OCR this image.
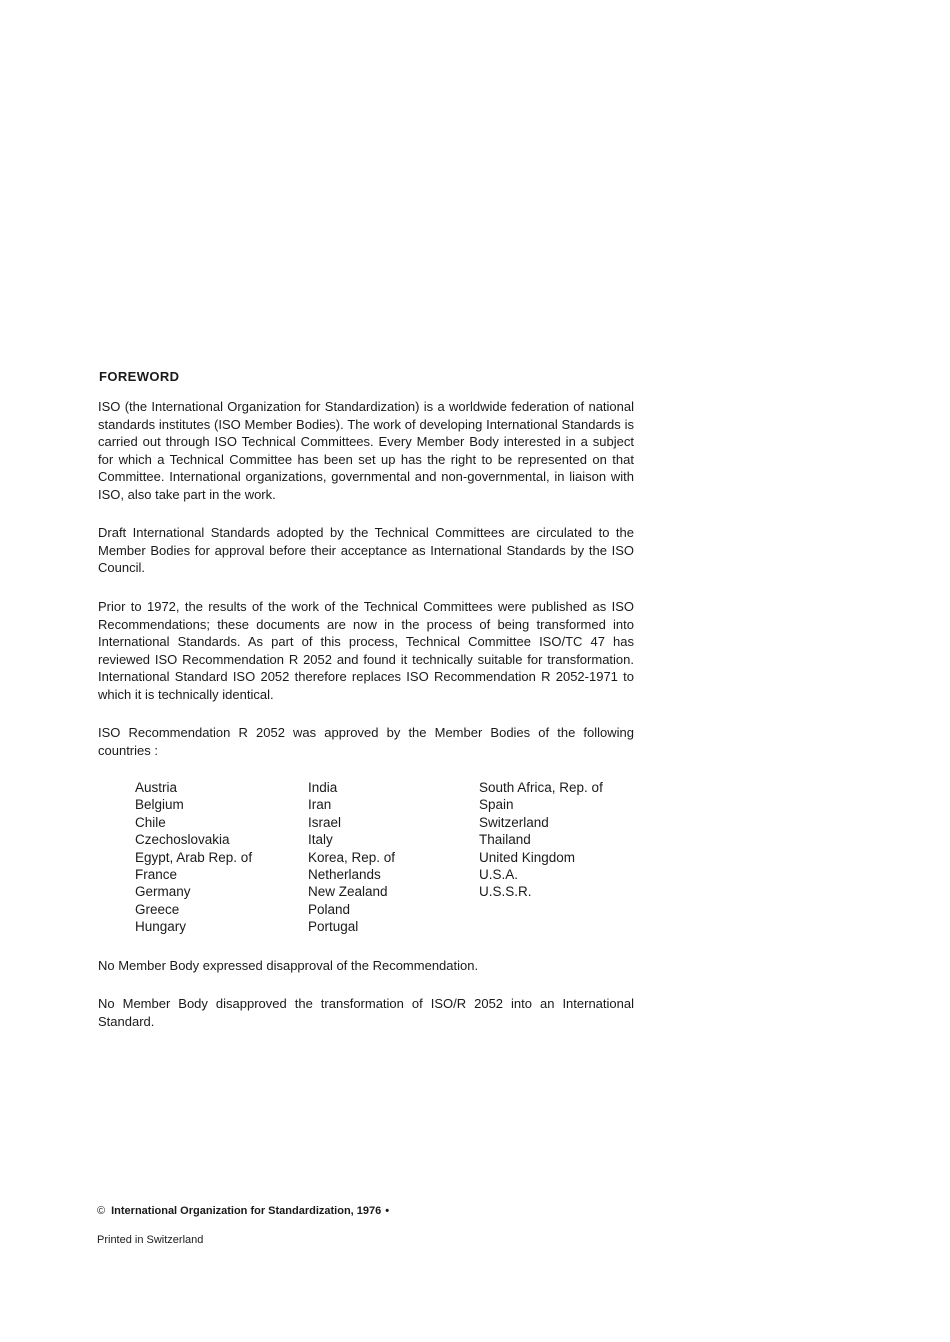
FOREWORD
ISO (the International Organization for Standardization) is a worldwide federation of national standards institutes (ISO Member Bodies). The work of developing International Standards is carried out through ISO Technical Committees. Every Member Body interested in a subject for which a Technical Committee has been set up has the right to be represented on that Committee. International organizations, governmental and non-governmental, in liaison with ISO, also take part in the work.
Draft International Standards adopted by the Technical Committees are circulated to the Member Bodies for approval before their acceptance as International Standards by the ISO Council.
Prior to 1972, the results of the work of the Technical Committees were published as ISO Recommendations; these documents are now in the process of being transformed into International Standards. As part of this process, Technical Committee ISO/TC 47 has reviewed ISO Recommendation R 2052 and found it technically suitable for transformation. International Standard ISO 2052 therefore replaces ISO Recommendation R 2052-1971 to which it is technically identical.
ISO Recommendation R 2052 was approved by the Member Bodies of the following countries :
Austria
Belgium
Chile
Czechoslovakia
Egypt, Arab Rep. of
France
Germany
Greece
Hungary
India
Iran
Israel
Italy
Korea, Rep. of
Netherlands
New Zealand
Poland
Portugal
South Africa, Rep. of
Spain
Switzerland
Thailand
United Kingdom
U.S.A.
U.S.S.R.
No Member Body expressed disapproval of the Recommendation.
No Member Body disapproved the transformation of ISO/R 2052 into an International Standard.
© International Organization for Standardization, 1976 •
Printed in Switzerland
